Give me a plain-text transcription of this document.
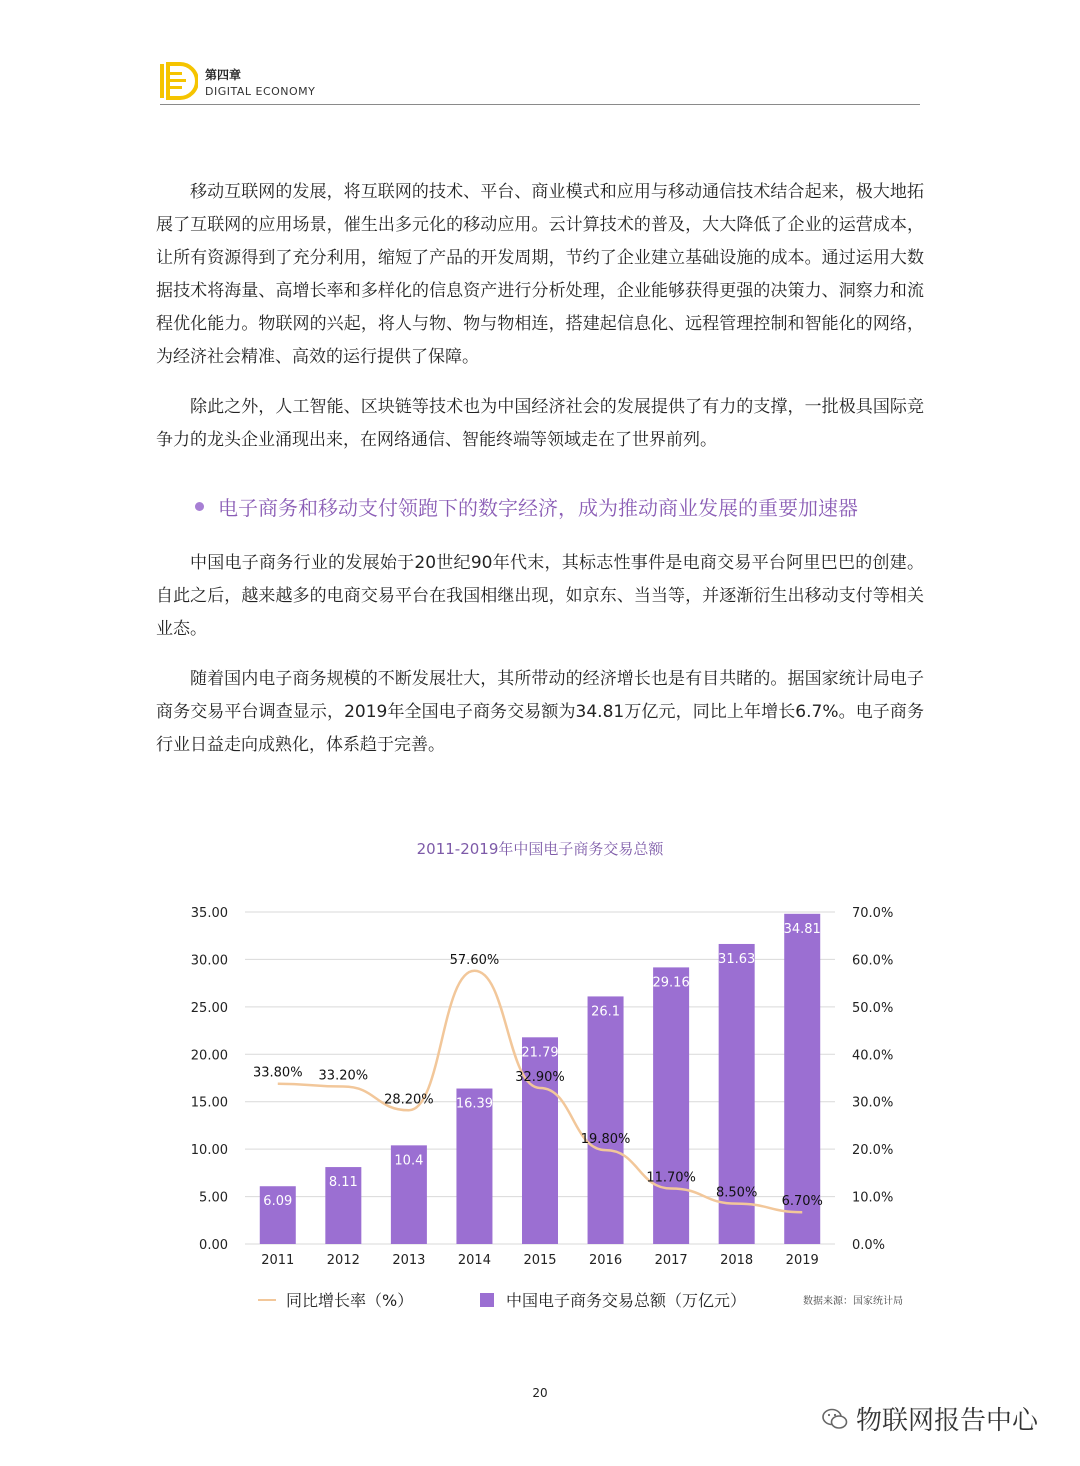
第四章
DIGITAL ECONOMY

移动互联网的发展，将互联网的技术、平台、商业模式和应用与移动通信技术结合起来，极大地拓展了互联网的应用场景，催生出多元化的移动应用。云计算技术的普及，大大降低了企业的运营成本，让所有资源得到了充分利用，缩短了产品的开发周期，节约了企业建立基础设施的成本。通过运用大数据技术将海量、高增长率和多样化的信息资产进行分析处理，企业能够获得更强的决策力、洞察力和流程优化能力。物联网的兴起，将人与物、物与物相连，搭建起信息化、远程管理控制和智能化的网络，为经济社会精准、高效的运行提供了保障。

除此之外，人工智能、区块链等技术也为中国经济社会的发展提供了有力的支撑，一批极具国际竞争力的龙头企业涌现出来，在网络通信、智能终端等领域走在了世界前列。

电子商务和移动支付领跑下的数字经济，成为推动商业发展的重要加速器

中国电子商务行业的发展始于20世纪90年代末，其标志性事件是电商交易平台阿里巴巴的创建。自此之后，越来越多的电商交易平台在我国相继出现，如京东、当当等，并逐渐衍生出移动支付等相关业态。

随着国内电子商务规模的不断发展壮大，其所带动的经济增长也是有目共睹的。据国家统计局电子商务交易平台调查显示，2019年全国电子商务交易额为34.81万亿元，同比上年增长6.7%。电子商务行业日益走向成熟化，体系趋于完善。

2011-2019年中国电子商务交易总额
0.00
5.00
10.00
15.00
20.00
25.00
30.00
35.00
0.0%
10.0%
20.0%
30.0%
40.0%
50.0%
60.0%
70.0%
6.09
2011
8.11
2012
10.4
2013
16.39
2014
21.79
2015
26.1
2016
29.16
2017
31.63
2018
34.81
2019
33.80% 33.20%
28.20%
57.60%
32.90%
19.80%
11.70%
8.50%
6.70%
同比增长率（%）	中国电子商务交易总额（万亿元）	数据来源：国家统计局
20
物联网报告中心
